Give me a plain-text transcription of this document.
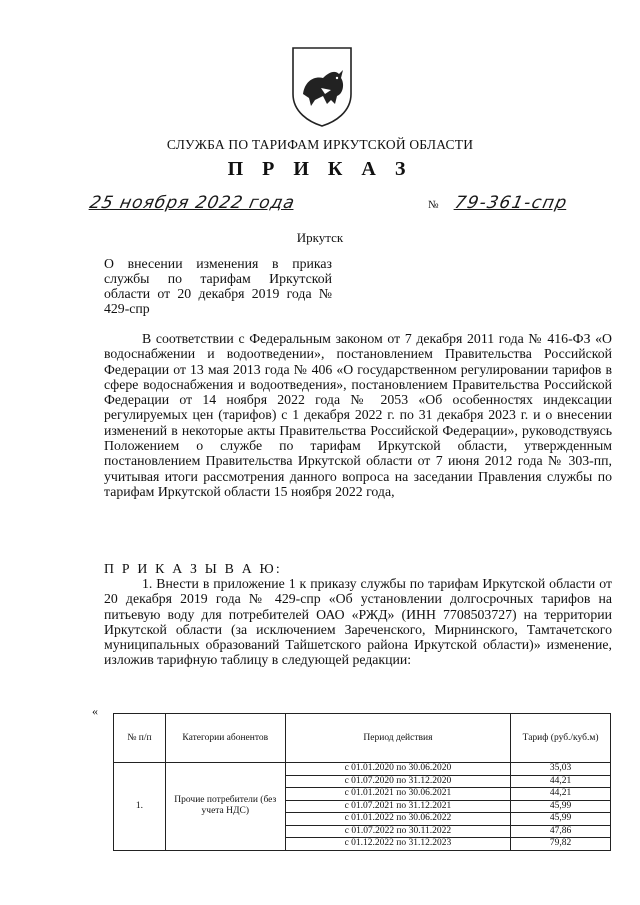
СЛУЖБА ПО ТАРИФАМ ИРКУТСКОЙ ОБЛАСТИ
П Р И К А З
25 ноября 2022 года	№ 79-361-спр
Иркутск
О внесении изменения в приказ службы по тарифам Иркутской области от 20 декабря 2019 года № 429-спр
В соответствии с Федеральным законом от 7 декабря 2011 года № 416-ФЗ «О водоснабжении и водоотведении», постановлением Правительства Российской Федерации от 13 мая 2013 года № 406 «О государственном регулировании тарифов в сфере водоснабжения и водоотведения», постановлением Правительства Российской Федерации от 14 ноября 2022 года № 2053 «Об особенностях индексации регулируемых цен (тарифов) с 1 декабря 2022 г. по 31 декабря 2023 г. и о внесении изменений в некоторые акты Правительства Российской Федерации», руководствуясь Положением о службе по тарифам Иркутской области, утвержденным постановлением Правительства Иркутской области от 7 июня 2012 года № 303-пп, учитывая итоги рассмотрения данного вопроса на заседании Правления службы по тарифам Иркутской области 15 ноября 2022 года,
П Р И К А З Ы В А Ю:
1. Внести в приложение 1 к приказу службы по тарифам Иркутской области от 20 декабря 2019 года № 429-спр «Об установлении долгосрочных тарифов на питьевую воду для потребителей ОАО «РЖД» (ИНН 7708503727) на территории Иркутской области (за исключением Зареченского, Мирнинского, Тамтачетского муниципальных образований Тайшетского района Иркутской области)» изменение, изложив тарифную таблицу в следующей редакции:
«
№ п/п	Категории абонентов	Период действия	Тариф (руб./куб.м)
1.	Прочие потребители (без учета НДС)	с 01.01.2020 по 30.06.2020	35,03
		с 01.07.2020 по 31.12.2020	44,21
		с 01.01.2021 по 30.06.2021	44,21
		с 01.07.2021 по 31.12.2021	45,99
		с 01.01.2022 по 30.06.2022	45,99
		с 01.07.2022 по 30.11.2022	47,86
		с 01.12.2022 по 31.12.2023	79,82
